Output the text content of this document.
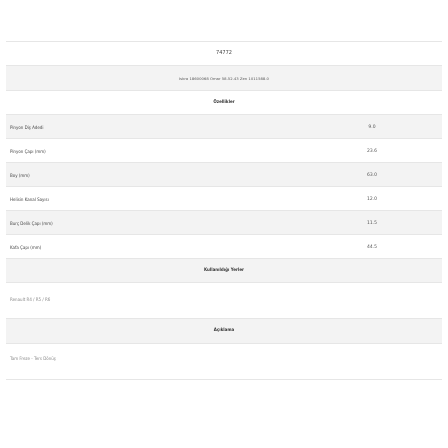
74772
Iskra 18600068 Omar 58.52.43 Zen 1011588.0
Özellikler
Pinyon Diş Adedi	9.0
Pinyon Çapı (mm)	23.6
Boy (mm)	63.0
Helisin Kanal Sayısı	12.0
Burç Delik Çapı (mm)	11.5
Kafa Çapı (mm)	44.5
Kullanıldığı Yerler
Renault R4 / R5 / R6
Açıklama
Tam Frezе - Ters Dönüş
